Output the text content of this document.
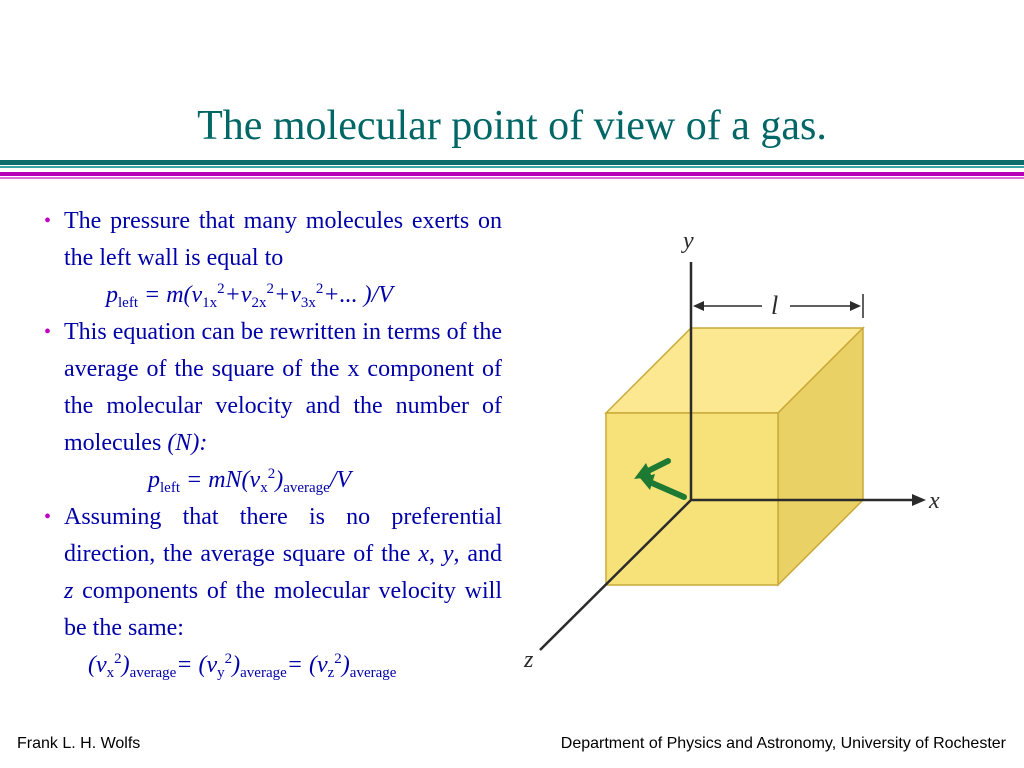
The molecular point of view of a gas.
• The pressure that many molecules exerts on the left wall is equal to
$p_{left} = m(v_{1x}^2+v_{2x}^2+v_{3x}^2+$... )/V
• This equation can be rewritten in terms of the average of the square of the x component of the molecular velocity and the number of molecules (N):
$p_{left} = mN(v_x^2)_{average}/V$
• Assuming that there is no preferential direction, the average square of the x, y, and z components of the molecular velocity will be the same:
$(v_x^2)_{average}= (v_y^2)_{average}= (v_z^2)_{average}$
y
x
z
l
Frank L. H. Wolfs	Department of Physics and Astronomy, University of Rochester
